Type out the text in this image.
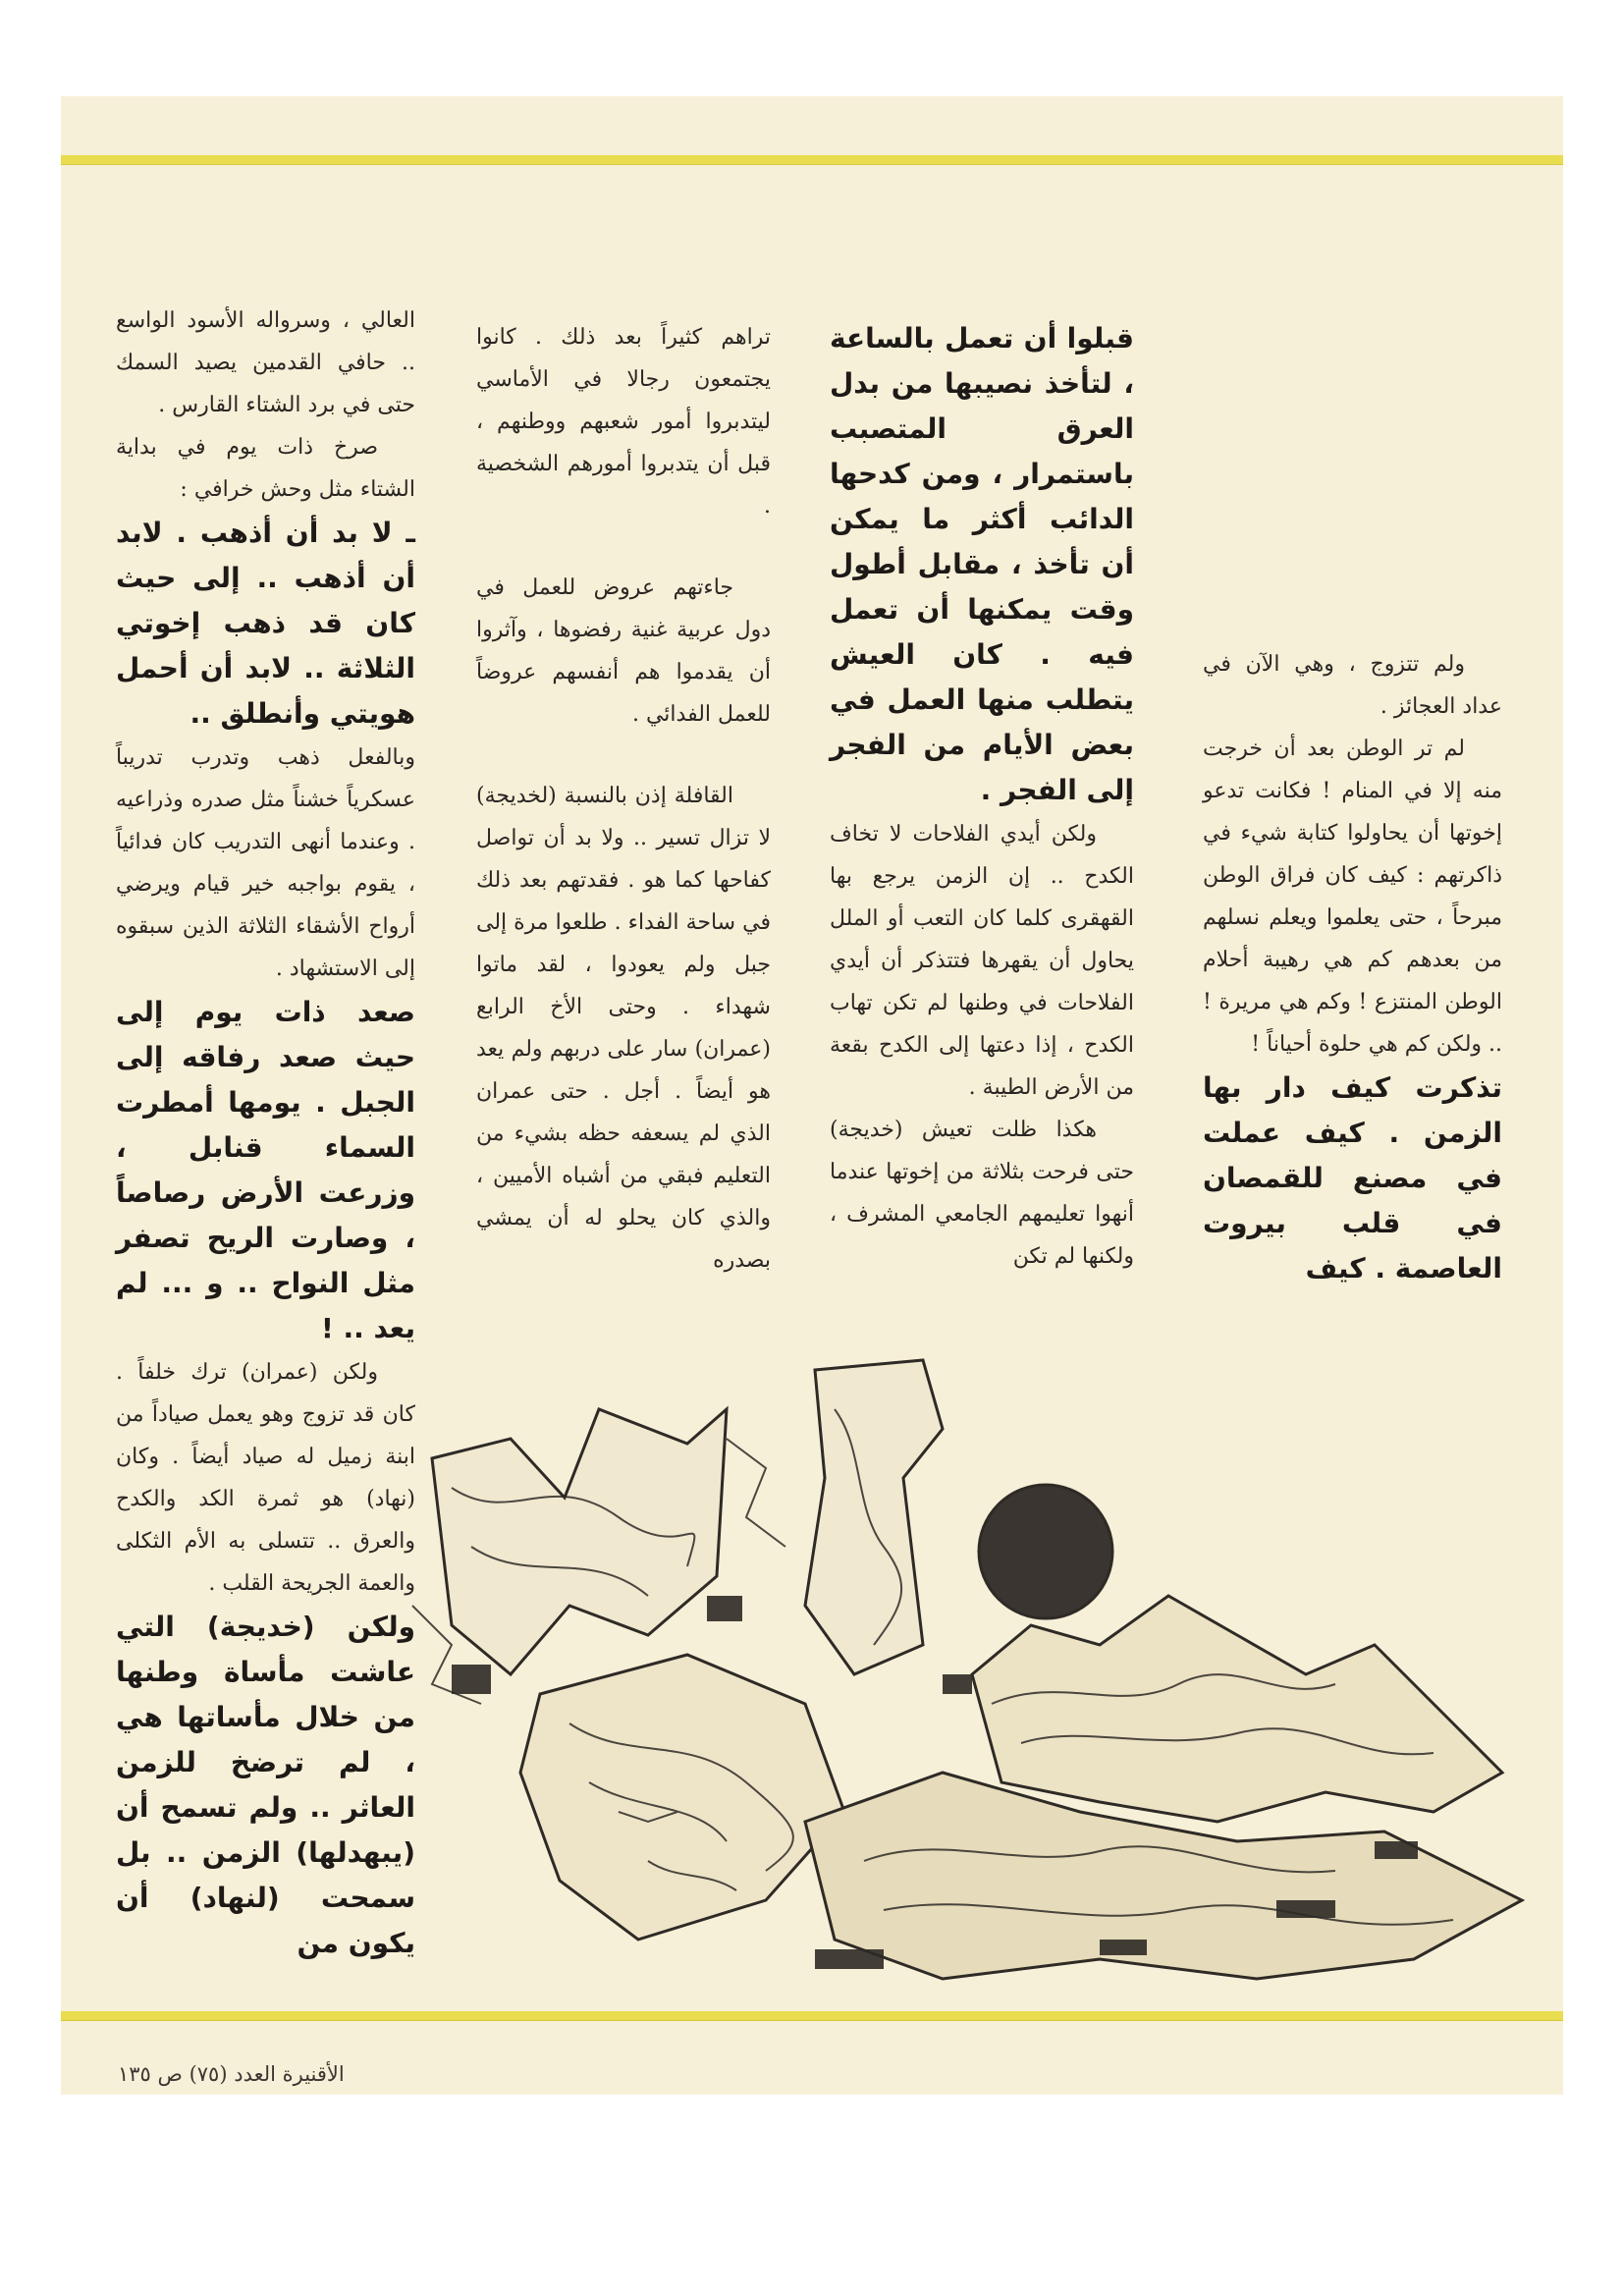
ولم تتزوج ، وهي الآن في عداد العجائز .

لم تر الوطن بعد أن خرجت منه إلا في المنام ! فكانت تدعو إخوتها أن يحاولوا كتابة شيء في ذاكرتهم : كيف كان فراق الوطن مبرحاً ، حتى يعلموا ويعلم نسلهم من بعدهم كم هي رهيبة أحلام الوطن المنتزع ! وكم هي مريرة ! .. ولكن كم هي حلوة أحياناً !

تذكرت كيف دار بها الزمن . كيف عملت في مصنع للقمصان في قلب بيروت العاصمة . كيف

قبلوا أن تعمل بالساعة ، لتأخذ نصيبها من بدل العرق المتصبب باستمرار ، ومن كدحها الدائب أكثر ما يمكن أن تأخذ ، مقابل أطول وقت يمكنها أن تعمل فيه . كان العيش يتطلب منها العمل في بعض الأيام من الفجر إلى الفجر .

ولكن أيدي الفلاحات لا تخاف الكدح .. إن الزمن يرجع بها القهقرى كلما كان التعب أو الملل يحاول أن يقهرها فتتذكر أن أيدي الفلاحات في وطنها لم تكن تهاب الكدح ، إذا دعتها إلى الكدح بقعة من الأرض الطيبة .

هكذا ظلت تعيش (خديجة) حتى فرحت بثلاثة من إخوتها عندما أنهوا تعليمهم الجامعي المشرف ، ولكنها لم تكن

تراهم كثيراً بعد ذلك . كانوا يجتمعون رجالا في الأماسي ليتدبروا أمور شعبهم ووطنهم ، قبل أن يتدبروا أمورهم الشخصية .

جاءتهم عروض للعمل في دول عربية غنية رفضوها ، وآثروا أن يقدموا هم أنفسهم عروضاً للعمل الفدائي .

القافلة إذن بالنسبة (لخديجة) لا تزال تسير .. ولا بد أن تواصل كفاحها كما هو . فقدتهم بعد ذلك في ساحة الفداء . طلعوا مرة إلى جبل ولم يعودوا ، لقد ماتوا شهداء . وحتى الأخ الرابع (عمران) سار على دربهم ولم يعد هو أيضاً . أجل . حتى عمران الذي لم يسعفه حظه بشيء من التعليم فبقي من أشباه الأميين ، والذي كان يحلو له أن يمشي بصدره

العالي ، وسرواله الأسود الواسع .. حافي القدمين يصيد السمك حتى في برد الشتاء القارس .

صرخ ذات يوم في بداية الشتاء مثل وحش خرافي :

ـ لا بد أن أذهب . لابد أن أذهب .. إلى حيث كان قد ذهب إخوتي الثلاثة .. لابد أن أحمل هويتي وأنطلق ..

وبالفعل ذهب وتدرب تدريباً عسكرياً خشناً مثل صدره وذراعيه . وعندما أنهى التدريب كان فدائياً ، يقوم بواجبه خير قيام ويرضي أرواح الأشقاء الثلاثة الذين سبقوه إلى الاستشهاد .

صعد ذات يوم إلى حيث صعد رفاقه إلى الجبل . يومها أمطرت السماء قنابل ، وزرعت الأرض رصاصاً ، وصارت الريح تصفر مثل النواح .. و ... لم يعد .. !

ولكن (عمران) ترك خلفاً . كان قد تزوج وهو يعمل صياداً من ابنة زميل له صياد أيضاً . وكان (نهاد) هو ثمرة الكد والكدح والعرق .. تتسلى به الأم الثكلى والعمة الجريحة القلب .

ولكن (خديجة) التي عاشت مأساة وطنها من خلال مأساتها هي ، لم ترضخ للزمن العاثر .. ولم تسمح أن (يبهدلها) الزمن .. بل سمحت (لنهاد) أن يكون من

الأقنيرة العدد (٧٥) ص ١٣٥
